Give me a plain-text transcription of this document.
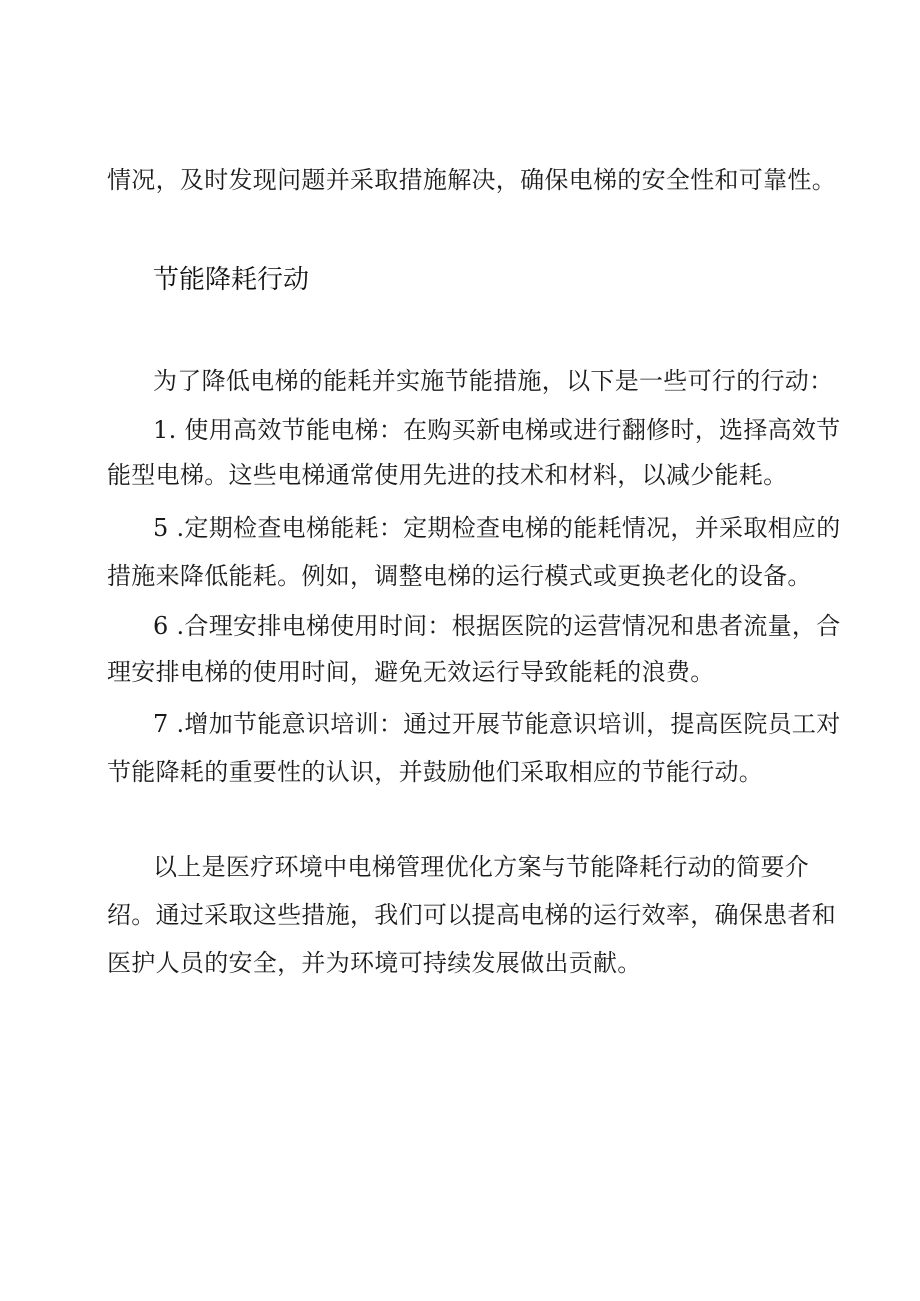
情况，及时发现问题并采取措施解决，确保电梯的安全性和可靠性。
节能降耗行动
为了降低电梯的能耗并实施节能措施，以下是一些可行的行动：
1. 使用高效节能电梯：在购买新电梯或进行翻修时，选择高效节
能型电梯。这些电梯通常使用先进的技术和材料，以减少能耗。
5 .定期检查电梯能耗：定期检查电梯的能耗情况，并采取相应的
措施来降低能耗。例如，调整电梯的运行模式或更换老化的设备。
6 .合理安排电梯使用时间：根据医院的运营情况和患者流量，合
理安排电梯的使用时间，避免无效运行导致能耗的浪费。
7 .增加节能意识培训：通过开展节能意识培训，提高医院员工对
节能降耗的重要性的认识，并鼓励他们采取相应的节能行动。
以上是医疗环境中电梯管理优化方案与节能降耗行动的简要介
绍。通过采取这些措施，我们可以提高电梯的运行效率，确保患者和
医护人员的安全，并为环境可持续发展做出贡献。
